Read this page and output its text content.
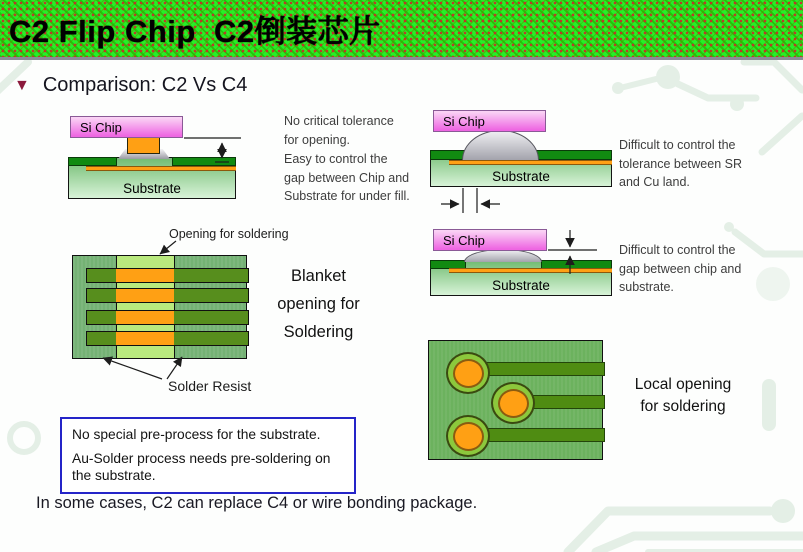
C2 Flip Chip  C2倒装芯片
▼ Comparison: C2 Vs C4
Substrate
Si Chip	No critical tolerance
for opening.
Easy to control the
gap between Chip and
Substrate for under fill.
Substrate
Si Chip
Difficult to control the
tolerance between SR
and Cu land.
Opening for soldering
Solder Resist
Blanket
opening for
Soldering
Substrate
Si Chip
Difficult to control the
gap between chip and
substrate.
Local opening
for soldering

No special pre-process for the substrate.

Au-Solder process needs pre-soldering on the substrate.

In some cases, C2 can replace C4 or wire bonding package.
